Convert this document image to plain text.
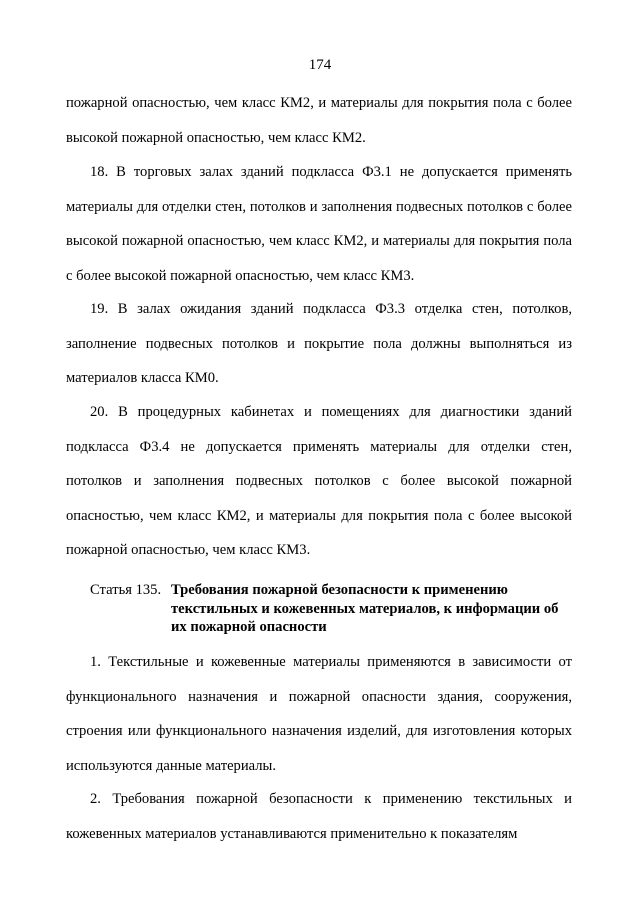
174

пожарной опасностью, чем класс КМ2, и материалы для покрытия пола с более высокой пожарной опасностью, чем класс КМ2.

18. В торговых залах зданий подкласса Ф3.1 не допускается применять материалы для отделки стен, потолков и заполнения подвесных потолков с более высокой пожарной опасностью, чем класс КМ2, и материалы для покрытия пола с более высокой пожарной опасностью, чем класс КМ3.

19. В залах ожидания зданий подкласса Ф3.3 отделка стен, потолков, заполнение подвесных потолков и покрытие пола должны выполняться из материалов класса КМ0.

20. В процедурных кабинетах и помещениях для диагностики зданий подкласса Ф3.4 не допускается применять материалы для отделки стен, потолков и заполнения подвесных потолков с более высокой пожарной опасностью, чем класс КМ2, и материалы для покрытия пола с более высокой пожарной опасностью, чем класс КМ3.

Статья 135. Требования пожарной безопасности к применению текстильных и кожевенных материалов, к информации об их пожарной опасности

1. Текстильные и кожевенные материалы применяются в зависимости от функционального назначения и пожарной опасности здания, сооружения, строения или функционального назначения изделий, для изготовления которых используются данные материалы.

2. Требования пожарной безопасности к применению текстильных и кожевенных материалов устанавливаются применительно к показателям
